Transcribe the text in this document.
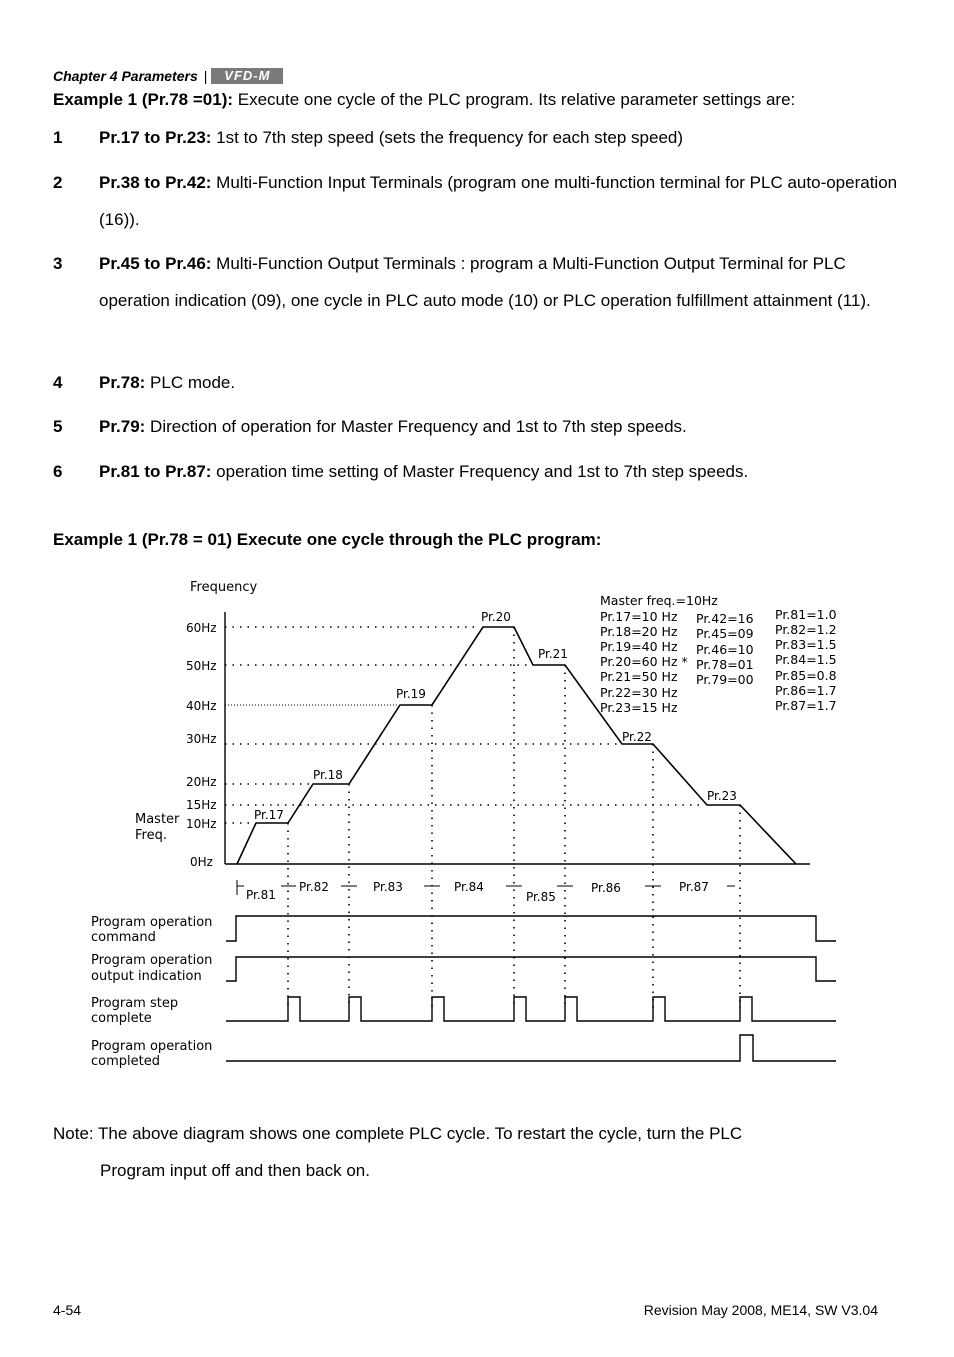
Chapter 4 Parameters |	VFD-M
Example 1 (Pr.78 =01): Execute one cycle of the PLC program. Its relative parameter settings are:
1 Pr.17 to Pr.23: 1st to 7th step speed (sets the frequency for each step speed)
2 Pr.38 to Pr.42: Multi-Function Input Terminals (program one multi-function terminal for PLC auto-operation (16)).
3 Pr.45 to Pr.46: Multi-Function Output Terminals : program a Multi-Function Output Terminal for PLC operation indication (09), one cycle in PLC auto mode (10) or PLC operation fulfillment attainment (11).
4 Pr.78: PLC mode.
5 Pr.79: Direction of operation for Master Frequency and 1st to 7th step speeds.
6 Pr.81 to Pr.87: operation time setting of Master Frequency and 1st to 7th step speeds.
Example 1 (Pr.78 = 01) Execute one cycle through the PLC program:
Frequency
Master
Freq.
60Hz
50Hz
40Hz
30Hz
20Hz
15Hz
10Hz
0Hz
Pr.17
Pr.18
Pr.19
Pr.20
Pr.21
Pr.22
Pr.23
Pr.81
Pr.82	Pr.83	Pr.84
Pr.85
Pr.86	Pr.87
Master freq.=10Hz
Pr.17=10 Hz
Pr.18=20 Hz
Pr.19=40 Hz
Pr.20=60 Hz *
Pr.21=50 Hz
Pr.22=30 Hz
Pr.23=15 Hz
Pr.42=16
Pr.45=09
Pr.46=10
Pr.78=01
Pr.79=00
Pr.81=1.0
Pr.82=1.2
Pr.83=1.5
Pr.84=1.5
Pr.85=0.8
Pr.86=1.7
Pr.87=1.7
Program operation
command
Program operation
output indication
Program step
complete
Program operation
completed
Note: The above diagram shows one complete PLC cycle. To restart the cycle, turn the PLC
Program input off and then back on.
4-54	Revision May 2008, ME14, SW V3.04
